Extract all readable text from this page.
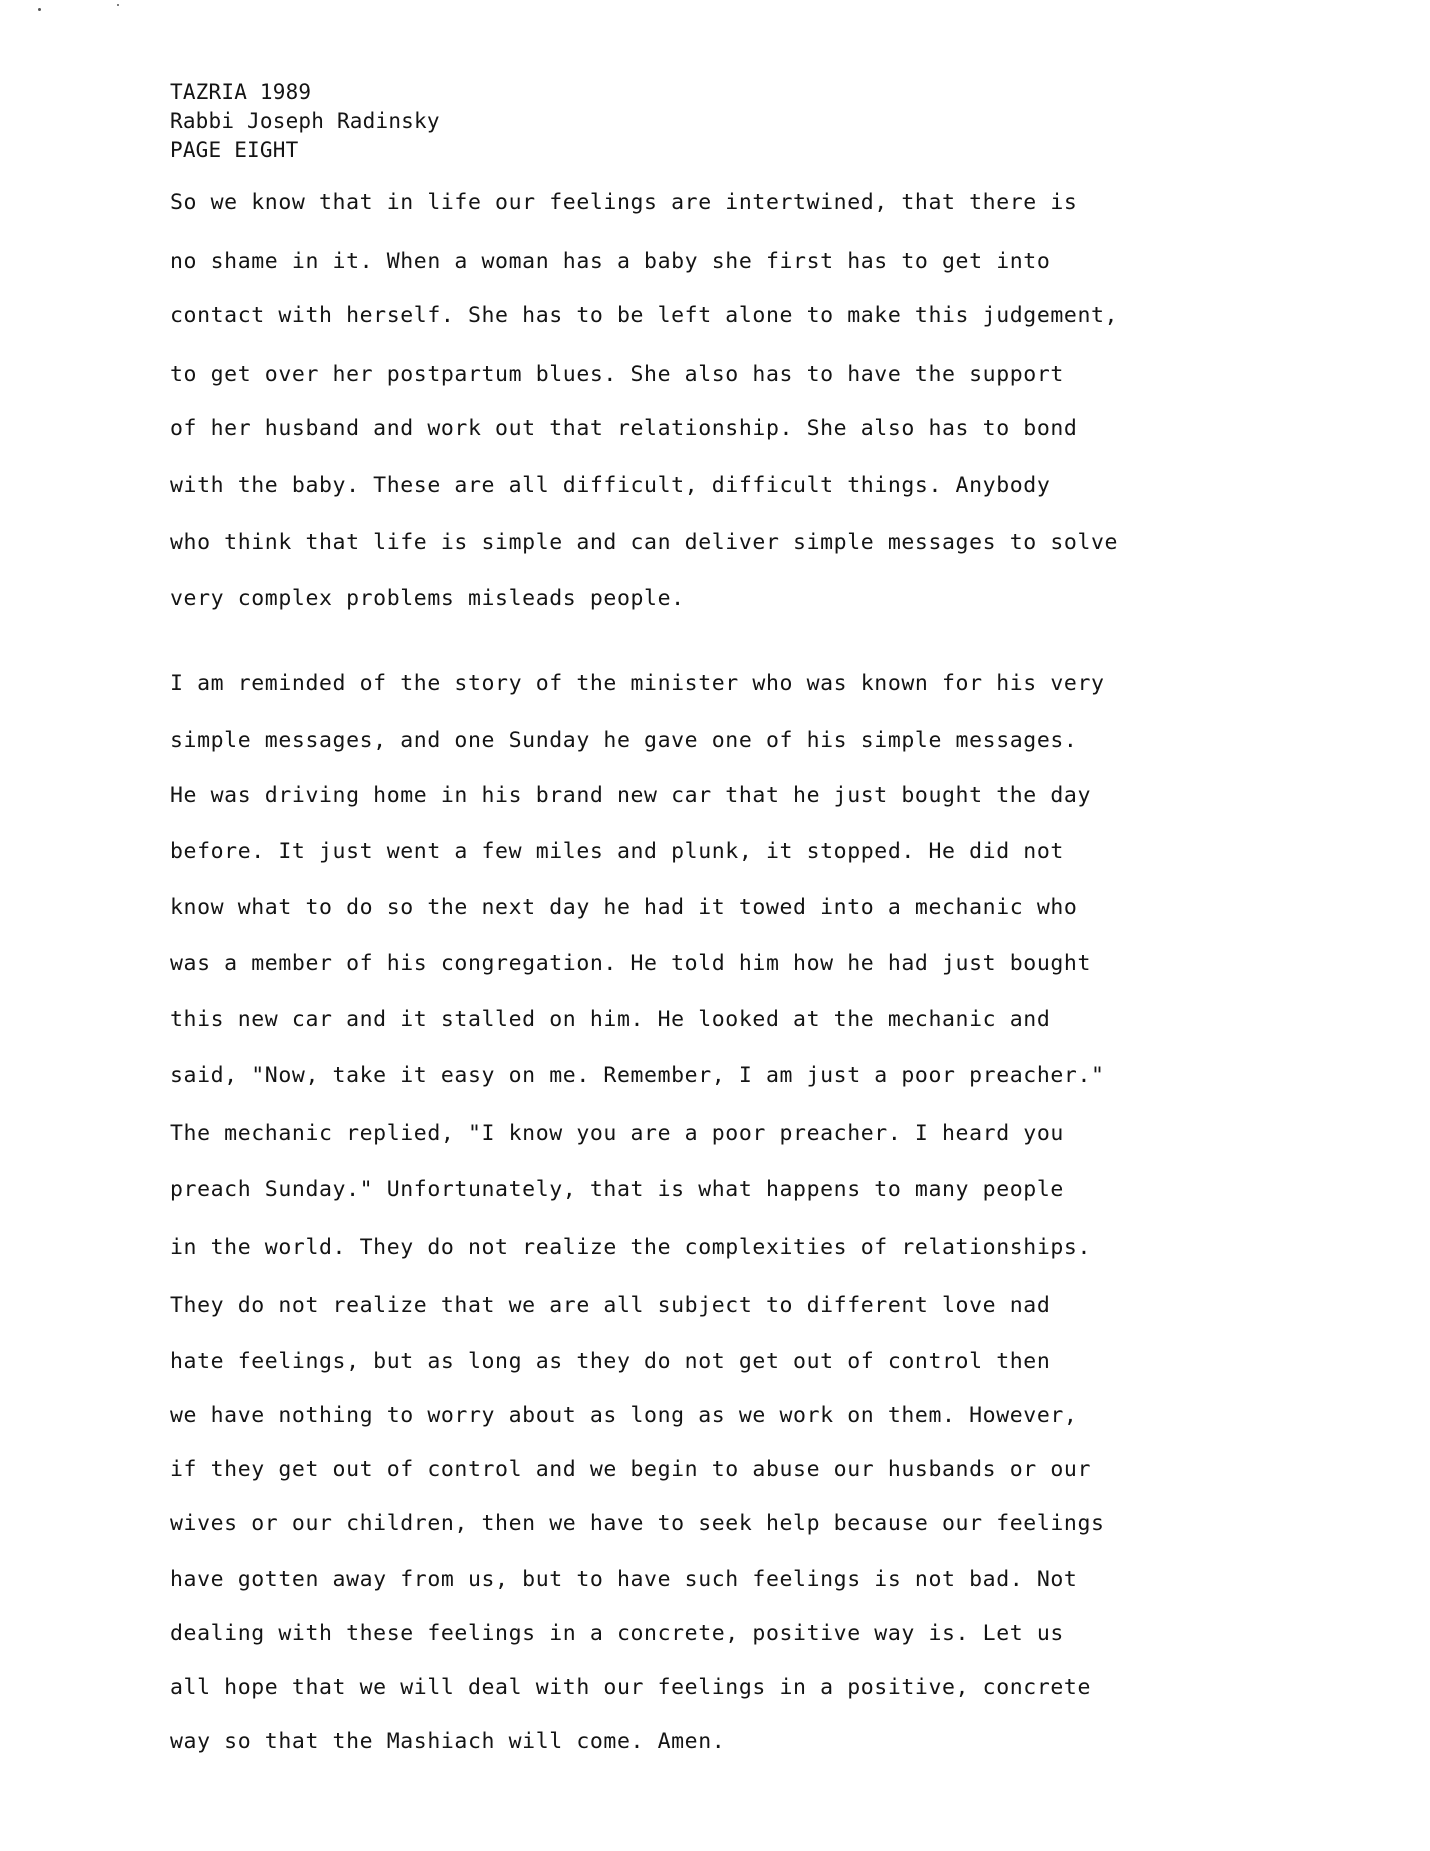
TAZRIA 1989
Rabbi Joseph Radinsky
PAGE EIGHT
So we know that in life our feelings are intertwined, that there is
no shame in it. When a woman has a baby she first has to get into
contact with herself. She has to be left alone to make this judgement,
to get over her postpartum blues. She also has to have the support
of her husband and work out that relationship. She also has to bond
with the baby. These are all difficult, difficult things. Anybody
who think that life is simple and can deliver simple messages to solve
very complex problems misleads people.
I am reminded of the story of the minister who was known for his very
simple messages, and one Sunday he gave one of his simple messages.
He was driving home in his brand new car that he just bought the day
before. It just went a few miles and plunk, it stopped. He did not
know what to do so the next day he had it towed into a mechanic who
was a member of his congregation. He told him how he had just bought
this new car and it stalled on him. He looked at the mechanic and
said, "Now, take it easy on me. Remember, I am just a poor preacher."
The mechanic replied, "I know you are a poor preacher. I heard you
preach Sunday." Unfortunately, that is what happens to many people
in the world. They do not realize the complexities of relationships.
They do not realize that we are all subject to different love nad
hate feelings, but as long as they do not get out of control then
we have nothing to worry about as long as we work on them. However,
if they get out of control and we begin to abuse our husbands or our
wives or our children, then we have to seek help because our feelings
have gotten away from us, but to have such feelings is not bad. Not
dealing with these feelings in a concrete, positive way is. Let us
all hope that we will deal with our feelings in a positive, concrete
way so that the Mashiach will come. Amen.
